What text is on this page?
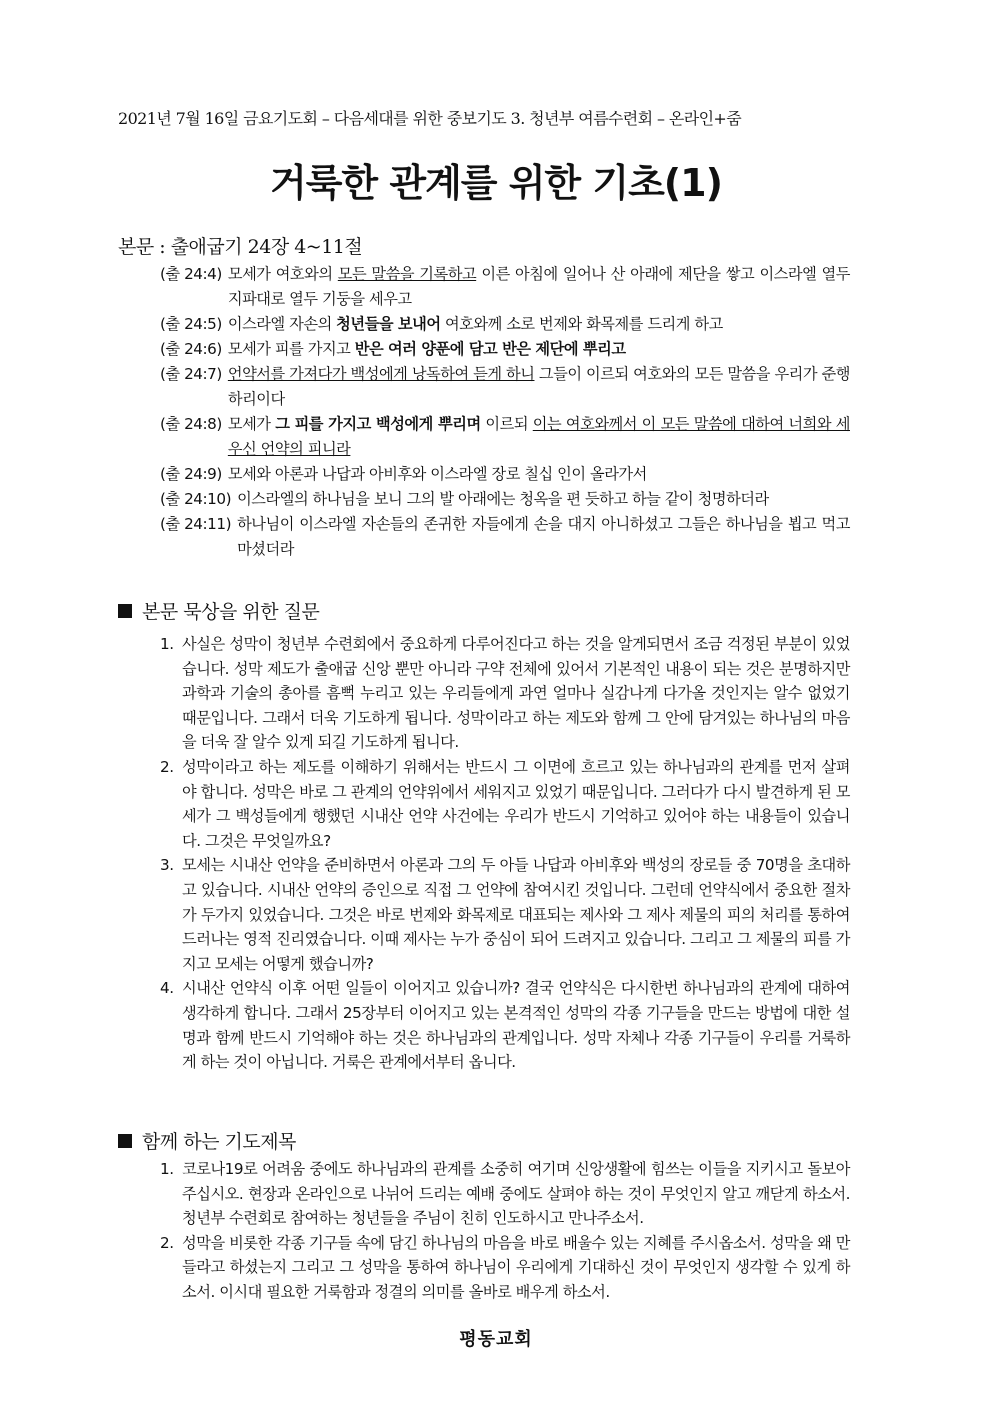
2021년 7월 16일 금요기도회 – 다음세대를 위한 중보기도 3. 청년부 여름수련회 – 온라인+줌
거룩한 관계를 위한 기초(1)
본문 : 출애굽기 24장 4~11절
(출 24:4) 모세가 여호와의 모든 말씀을 기록하고 이른 아침에 일어나 산 아래에 제단을 쌓고 이스라엘 열두 지파대로 열두 기둥을 세우고
(출 24:5) 이스라엘 자손의 청년들을 보내어 여호와께 소로 번제와 화목제를 드리게 하고
(출 24:6) 모세가 피를 가지고 반은 여러 양푼에 담고 반은 제단에 뿌리고
(출 24:7) 언약서를 가져다가 백성에게 낭독하여 듣게 하니 그들이 이르되 여호와의 모든 말씀을 우리가 준행하리이다
(출 24:8) 모세가 그 피를 가지고 백성에게 뿌리며 이르되 이는 여호와께서 이 모든 말씀에 대하여 너희와 세우신 언약의 피니라
(출 24:9) 모세와 아론과 나답과 아비후와 이스라엘 장로 칠십 인이 올라가서
(출 24:10) 이스라엘의 하나님을 보니 그의 발 아래에는 청옥을 편 듯하고 하늘 같이 청명하더라
(출 24:11) 하나님이 이스라엘 자손들의 존귀한 자들에게 손을 대지 아니하셨고 그들은 하나님을 뵙고 먹고 마셨더라
본문 묵상을 위한 질문
1. 사실은 성막이 청년부 수련회에서 중요하게 다루어진다고 하는 것을 알게되면서 조금 걱정된 부분이 있었습니다. 성막 제도가 출애굽 신앙 뿐만 아니라 구약 전체에 있어서 기본적인 내용이 되는 것은 분명하지만 과학과 기술의 총아를 흠뻑 누리고 있는 우리들에게 과연 얼마나 실감나게 다가올 것인지는 알수 없었기 때문입니다. 그래서 더욱 기도하게 됩니다. 성막이라고 하는 제도와 함께 그 안에 담겨있는 하나님의 마음을 더욱 잘 알수 있게 되길 기도하게 됩니다.
2. 성막이라고 하는 제도를 이해하기 위해서는 반드시 그 이면에 흐르고 있는 하나님과의 관계를 먼저 살펴야 합니다. 성막은 바로 그 관계의 언약위에서 세워지고 있었기 때문입니다. 그러다가 다시 발견하게 된 모세가 그 백성들에게 행했던 시내산 언약 사건에는 우리가 반드시 기억하고 있어야 하는 내용들이 있습니다. 그것은 무엇일까요?
3. 모세는 시내산 언약을 준비하면서 아론과 그의 두 아들 나답과 아비후와 백성의 장로들 중 70명을 초대하고 있습니다. 시내산 언약의 증인으로 직접 그 언약에 참여시킨 것입니다. 그런데 언약식에서 중요한 절차가 두가지 있었습니다. 그것은 바로 번제와 화목제로 대표되는 제사와 그 제사 제물의 피의 처리를 통하여 드러나는 영적 진리였습니다. 이때 제사는 누가 중심이 되어 드려지고 있습니다. 그리고 그 제물의 피를 가지고 모세는 어떻게 했습니까?
4. 시내산 언약식 이후 어떤 일들이 이어지고 있습니까? 결국 언약식은 다시한번 하나님과의 관계에 대하여 생각하게 합니다. 그래서 25장부터 이어지고 있는 본격적인 성막의 각종 기구들을 만드는 방법에 대한 설명과 함께 반드시 기억해야 하는 것은 하나님과의 관계입니다. 성막 자체나 각종 기구들이 우리를 거룩하게 하는 것이 아닙니다. 거룩은 관계에서부터 옵니다.
함께 하는 기도제목
1. 코로나19로 어려움 중에도 하나님과의 관계를 소중히 여기며 신앙생활에 힘쓰는 이들을 지키시고 돌보아 주십시오. 현장과 온라인으로 나뉘어 드리는 예배 중에도 살펴야 하는 것이 무엇인지 알고 깨닫게 하소서. 청년부 수련회로 참여하는 청년들을 주님이 친히 인도하시고 만나주소서.
2. 성막을 비롯한 각종 기구들 속에 담긴 하나님의 마음을 바로 배울수 있는 지혜를 주시옵소서. 성막을 왜 만들라고 하셨는지 그리고 그 성막을 통하여 하나님이 우리에게 기대하신 것이 무엇인지 생각할 수 있게 하소서. 이시대 필요한 거룩함과 정결의 의미를 올바로 배우게 하소서.
평동교회
